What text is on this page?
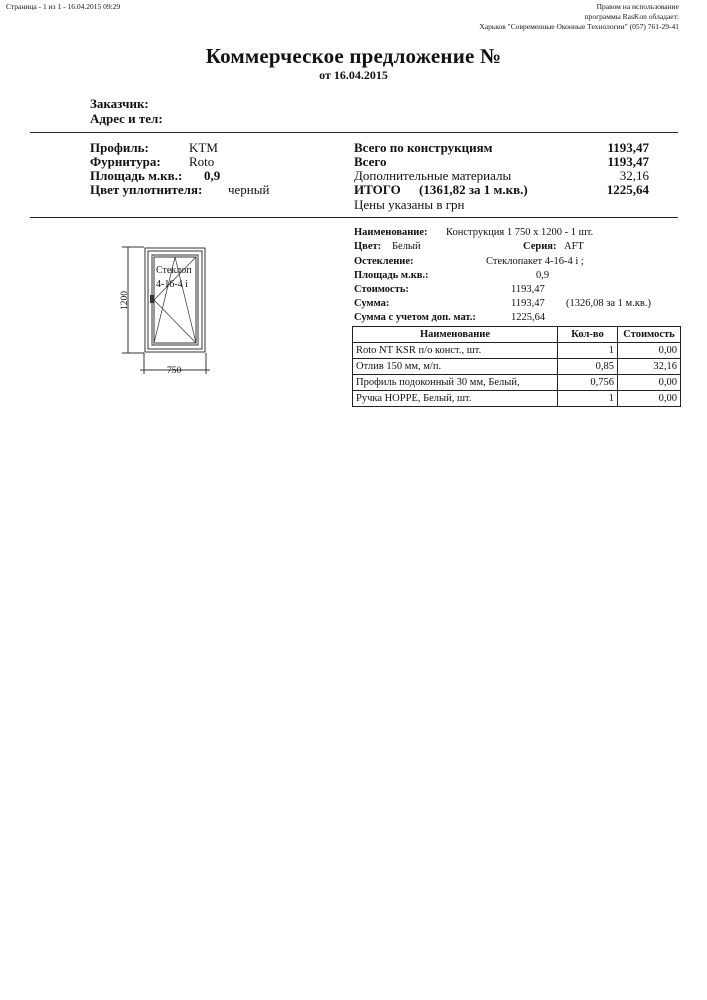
Страница - 1 из 1 - 16.04.2015 09:29	Правом на использование
программы RasKon обладает:
Харьков "Современные Оконные Технологии" (057) 761-29-41
Коммерческое предложение №
от 16.04.2015
Заказчик:
Адрес и тел:
Профиль:	KTM
Фурнитура: Roto
Площадь м.кв.: 0,9
Цвет уплотнителя: черный
Всего по конструкциям	1193,47
Всего	1193,47
Дополнительные материалы	32,16
ИТОГО (1361,82 за 1 м.кв.)	1225,64
Цены указаны в грн
Стеклоп
4-16-4 i
1200
750
Наименование: Конструкция 1 750 x 1200 - 1 шт.
Цвет: Белый	Серия: AFT
Остекление:	Стеклопакет 4-16-4 i ;
Площадь м.кв.:	0,9
Стоимость:	1193,47
Сумма:	1193,47 (1326,08 за 1 м.кв.)
Сумма с учетом доп. мат.:	1225,64
Наименование	Кол-во	Стоимость
Roto NT KSR п/о конст., шт.	1	0,00
Отлив 150 мм, м/п.	0,85	32,16
Профиль подоконный 30 мм, Белый,	0,756	0,00
Ручка HOPPE, Белый, шт.	1	0,00
